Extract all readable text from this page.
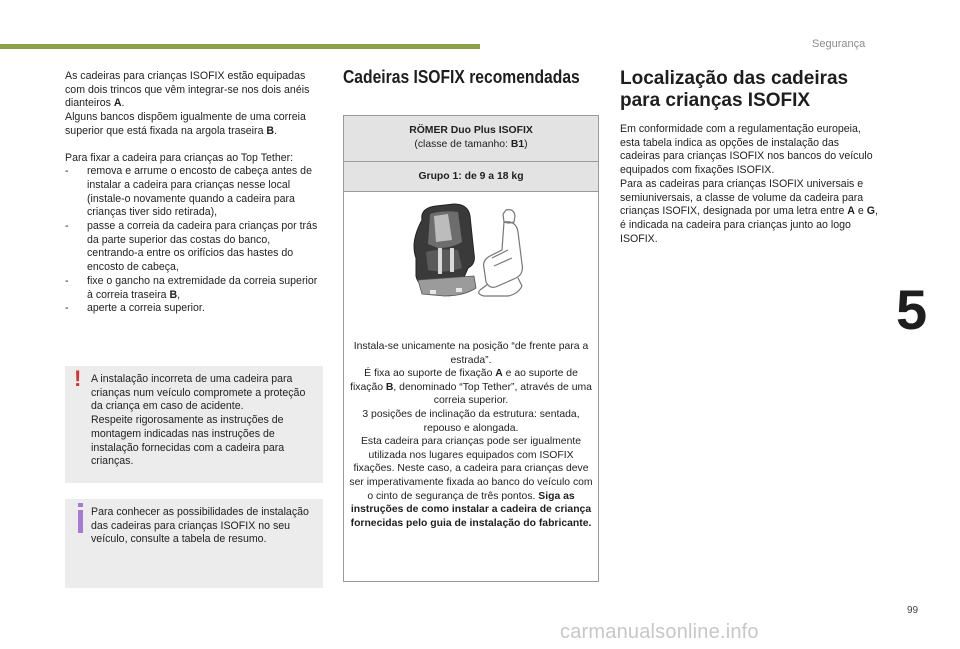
Segurança
5
99

As cadeiras para crianças ISOFIX estão equipadas com dois trincos que vêm integrar-se nos dois anéis dianteiros A.
Alguns bancos dispõem igualmente de uma correia superior que está fixada na argola traseira B.

Para fixar a cadeira para crianças ao Top Tether:
- remova e arrume o encosto de cabeça antes de instalar a cadeira para crianças nesse local (instale-o novamente quando a cadeira para crianças tiver sido retirada),
- passe a correia da cadeira para crianças por trás da parte superior das costas do banco, centrando-a entre os orifícios das hastes do encosto de cabeça,
- fixe o gancho na extremidade da correia superior à correia traseira B,
- aperte a correia superior.
! A instalação incorreta de uma cadeira para crianças num veículo compromete a proteção da criança em caso de acidente.
Respeite rigorosamente as instruções de montagem indicadas nas instruções de instalação fornecidas com a cadeira para crianças.
Para conhecer as possibilidades de instalação das cadeiras para crianças ISOFIX no seu veículo, consulte a tabela de resumo.
Cadeiras ISOFIX recomendadas
RÖMER Duo Plus ISOFIX
(classe de tamanho: B1)
Grupo 1: de 9 a 18 kg

Instala-se unicamente na posição “de frente para a estrada”.

É fixa ao suporte de fixação A e ao suporte de fixação B, denominado “Top Tether”, através de uma correia superior.

3 posições de inclinação da estrutura: sentada, repouso e alongada.

Esta cadeira para crianças pode ser igualmente utilizada nos lugares equipados com ISOFIX fixações. Neste caso, a cadeira para crianças deve ser imperativamente fixada ao banco do veículo com o cinto de segurança de três pontos. Siga as instruções de como instalar a cadeira de criança fornecidas pelo guia de instalação do fabricante.

Localização das cadeiras para crianças ISOFIX

Em conformidade com a regulamentação europeia, esta tabela indica as opções de instalação das cadeiras para crianças ISOFIX nos bancos do veículo equipados com fixações ISOFIX.

Para as cadeiras para crianças ISOFIX universais e semiuniversais, a classe de volume da cadeira para crianças ISOFIX, designada por uma letra entre A e G, é indicada na cadeira para crianças junto ao logo ISOFIX.

carmanualsonline.info
